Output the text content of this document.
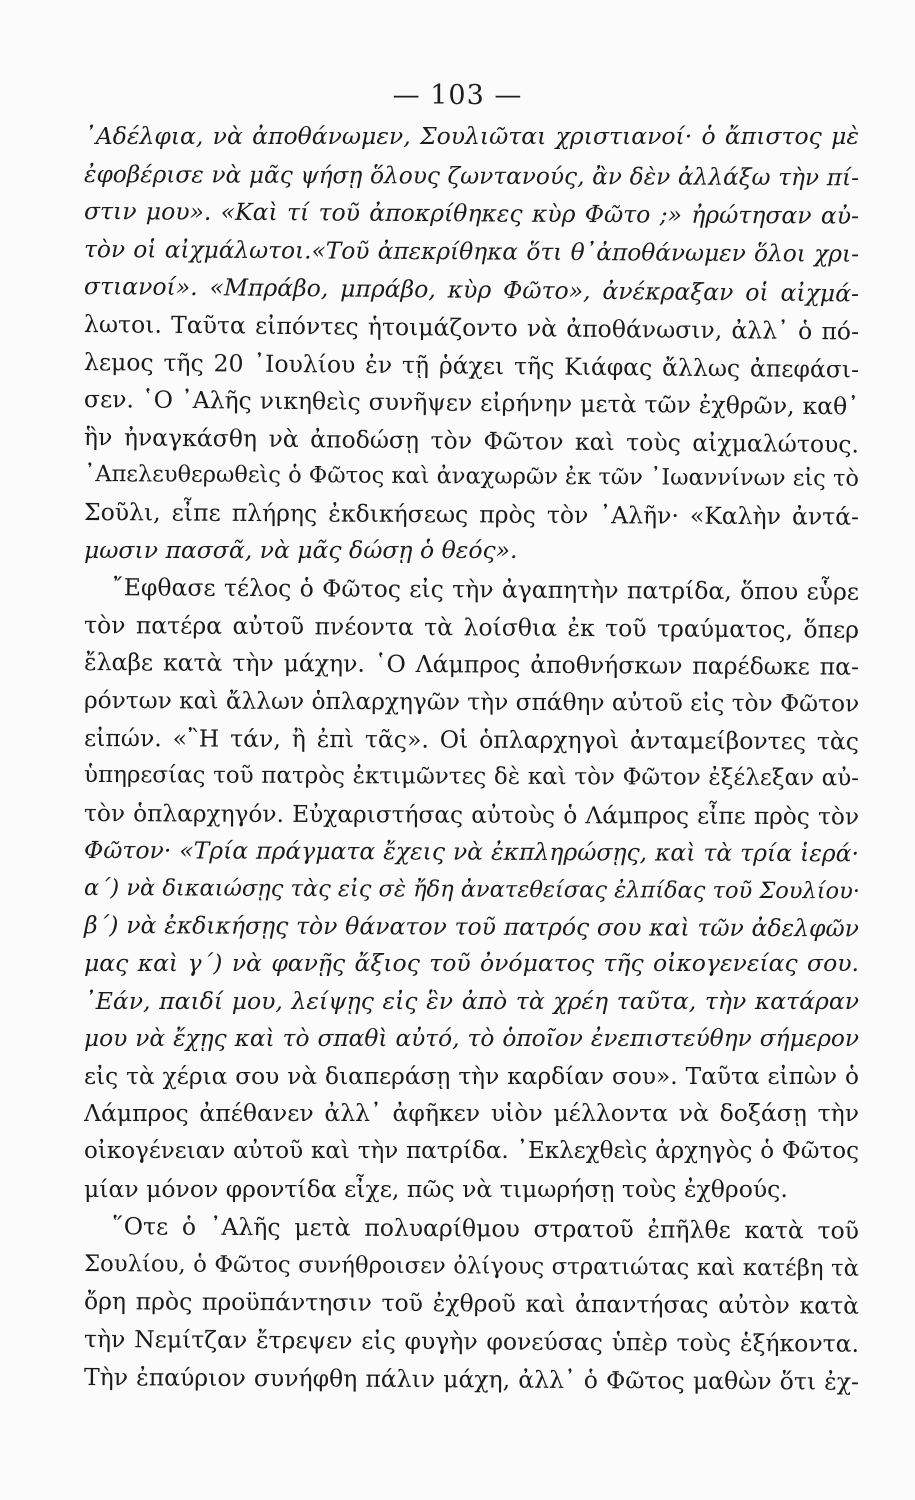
— 103 —
᾿Αδέλφια, νὰ ἀποθάνωμεν, Σουλιῶται χριστιανοί· ὁ ἄπιστος μὲ
ἐφοβέρισε νὰ μᾶς ψήσῃ ὅλους ζωντανούς, ἂν δὲν ἀλλάξω τὴν πί-
στιν μου». «Καὶ τί τοῦ ἀποκρίθηκες κὺρ Φῶτο ;» ἠρώτησαν αὐ-
τὸν οἱ αἰχμάλωτοι.«Τοῦ ἀπεκρίθηκα ὅτι θ᾿ἀποθάνωμεν ὅλοι χρι-
στιανοί». «Μπράβο, μπράβο, κὺρ Φῶτο», ἀνέκραξαν οἱ αἰχμά-
λωτοι. Ταῦτα εἰπόντες ἡτοιμάζοντο νὰ ἀποθάνωσιν, ἀλλ᾿ ὁ πό-
λεμος τῆς 20 ᾿Ιουλίου ἐν τῇ ῥάχει τῆς Κιάφας ἄλλως ἀπεφάσι-
σεν. ῾Ο ᾿Αλῆς νικηθεὶς συνῆψεν εἰρήνην μετὰ τῶν ἐχθρῶν, καθ᾿
ἣν ἠναγκάσθη νὰ ἀποδώσῃ τὸν Φῶτον καὶ τοὺς αἰχμαλώτους.
᾿Απελευθερωθεὶς ὁ Φῶτος καὶ ἀναχωρῶν ἐκ τῶν ᾿Ιωαννίνων εἰς τὸ
Σοῦλι, εἶπε πλήρης ἐκδικήσεως πρὸς τὸν ᾿Αλῆν· «Καλὴν ἀντά-
μωσιν πασσᾶ, νὰ μᾶς δώσῃ ὁ θεός».
῎Εφθασε τέλος ὁ Φῶτος εἰς τὴν ἀγαπητὴν πατρίδα, ὅπου εὗρε
τὸν πατέρα αὐτοῦ πνέοντα τὰ λοίσθια ἐκ τοῦ τραύματος, ὅπερ
ἔλαβε κατὰ τὴν μάχην. ῾Ο Λάμπρος ἀποθνήσκων παρέδωκε πα-
ρόντων καὶ ἄλλων ὁπλαρχηγῶν τὴν σπάθην αὐτοῦ εἰς τὸν Φῶτον
εἰπών. «῍Η τάν, ἢ ἐπὶ τᾶς». Οἱ ὁπλαρχηγοὶ ἀνταμείβοντες τὰς
ὑπηρεσίας τοῦ πατρὸς ἐκτιμῶντες δὲ καὶ τὸν Φῶτον ἐξέλεξαν αὐ-
τὸν ὁπλαρχηγόν. Εὐχαριστήσας αὐτοὺς ὁ Λάμπρος εἶπε πρὸς τὸν
Φῶτον· «Τρία πράγματα ἔχεις νὰ ἐκπληρώσῃς, καὶ τὰ τρία ἱερά·
α΄) νὰ δικαιώσῃς τὰς εἰς σὲ ἤδη ἀνατεθείσας ἐλπίδας τοῦ Σουλίου·
β΄) νὰ ἐκδικήσῃς τὸν θάνατον τοῦ πατρός σου καὶ τῶν ἀδελφῶν
μας καὶ γ΄) νὰ φανῇς ἄξιος τοῦ ὀνόματος τῆς οἰκογενείας σου.
᾿Εάν, παιδί μου, λείψῃς εἰς ἓν ἀπὸ τὰ χρέη ταῦτα, τὴν κατάραν
μου νὰ ἔχῃς καὶ τὸ σπαθὶ αὐτό, τὸ ὁποῖον ἐνεπιστεύθην σήμερον
εἰς τὰ χέρια σου νὰ διαπεράσῃ τὴν καρδίαν σου». Ταῦτα εἰπὼν ὁ
Λάμπρος ἀπέθανεν ἀλλ᾿ ἀφῆκεν υἱὸν μέλλοντα νὰ δοξάσῃ τὴν
οἰκογένειαν αὐτοῦ καὶ τὴν πατρίδα. ᾿Εκλεχθεὶς ἀρχηγὸς ὁ Φῶτος
μίαν μόνον φροντίδα εἶχε, πῶς νὰ τιμωρήσῃ τοὺς ἐχθρούς.
῞Οτε ὁ ᾿Αλῆς μετὰ πολυαρίθμου στρατοῦ ἐπῆλθε κατὰ τοῦ
Σουλίου, ὁ Φῶτος συνήθροισεν ὀλίγους στρατιώτας καὶ κατέβη τὰ
ὄρη πρὸς προϋπάντησιν τοῦ ἐχθροῦ καὶ ἀπαντήσας αὐτὸν κατὰ
τὴν Νεμίτζαν ἔτρεψεν εἰς φυγὴν φονεύσας ὑπὲρ τοὺς ἑξήκοντα.
Τὴν ἐπαύριον συνήφθη πάλιν μάχη, ἀλλ᾿ ὁ Φῶτος μαθὼν ὅτι ἐχ-
